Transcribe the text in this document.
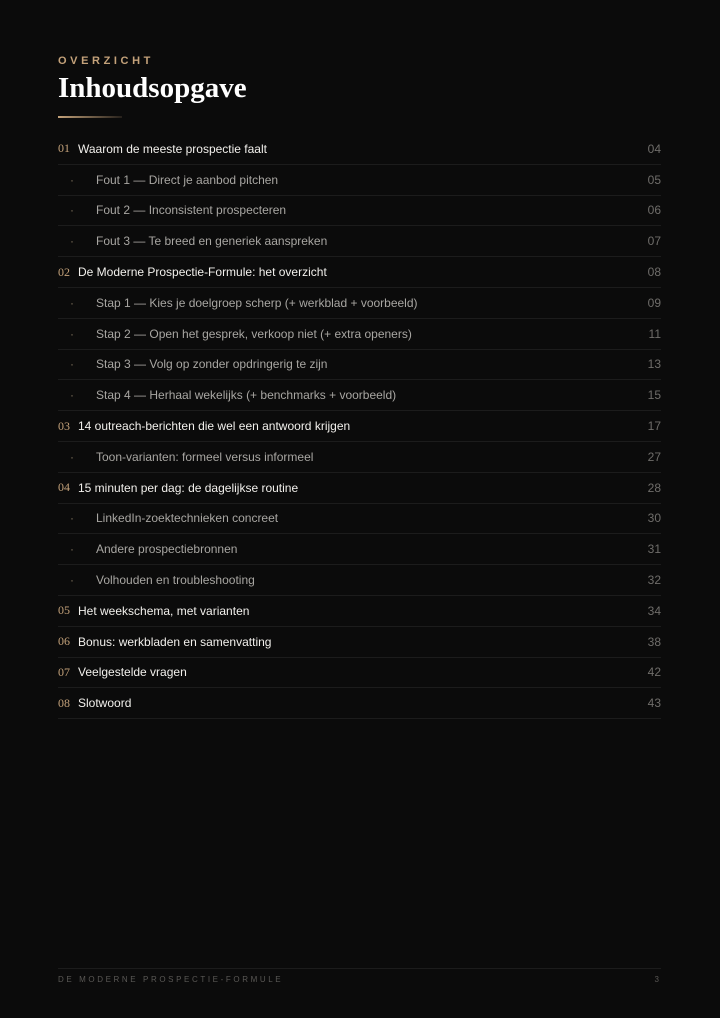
OVERZICHT
Inhoudsopgave
01 Waarom de meeste prospectie faalt	04
·	Fout 1 — Direct je aanbod pitchen	05
·	Fout 2 — Inconsistent prospecteren	06
·	Fout 3 — Te breed en generiek aanspreken	07
02 De Moderne Prospectie-Formule: het overzicht	08
·	Stap 1 — Kies je doelgroep scherp (+ werkblad + voorbeeld)	09
·	Stap 2 — Open het gesprek, verkoop niet (+ extra openers)	11
·	Stap 3 — Volg op zonder opdringerig te zijn	13
·	Stap 4 — Herhaal wekelijks (+ benchmarks + voorbeeld)	15
03 14 outreach-berichten die wel een antwoord krijgen	17
·	Toon-varianten: formeel versus informeel	27
04 15 minuten per dag: de dagelijkse routine	28
·	LinkedIn-zoektechnieken concreet	30
·	Andere prospectiebronnen	31
·	Volhouden en troubleshooting	32
05 Het weekschema, met varianten	34
06 Bonus: werkbladen en samenvatting	38
07 Veelgestelde vragen	42
08 Slotwoord	43
DE MODERNE PROSPECTIE-FORMULE	3
